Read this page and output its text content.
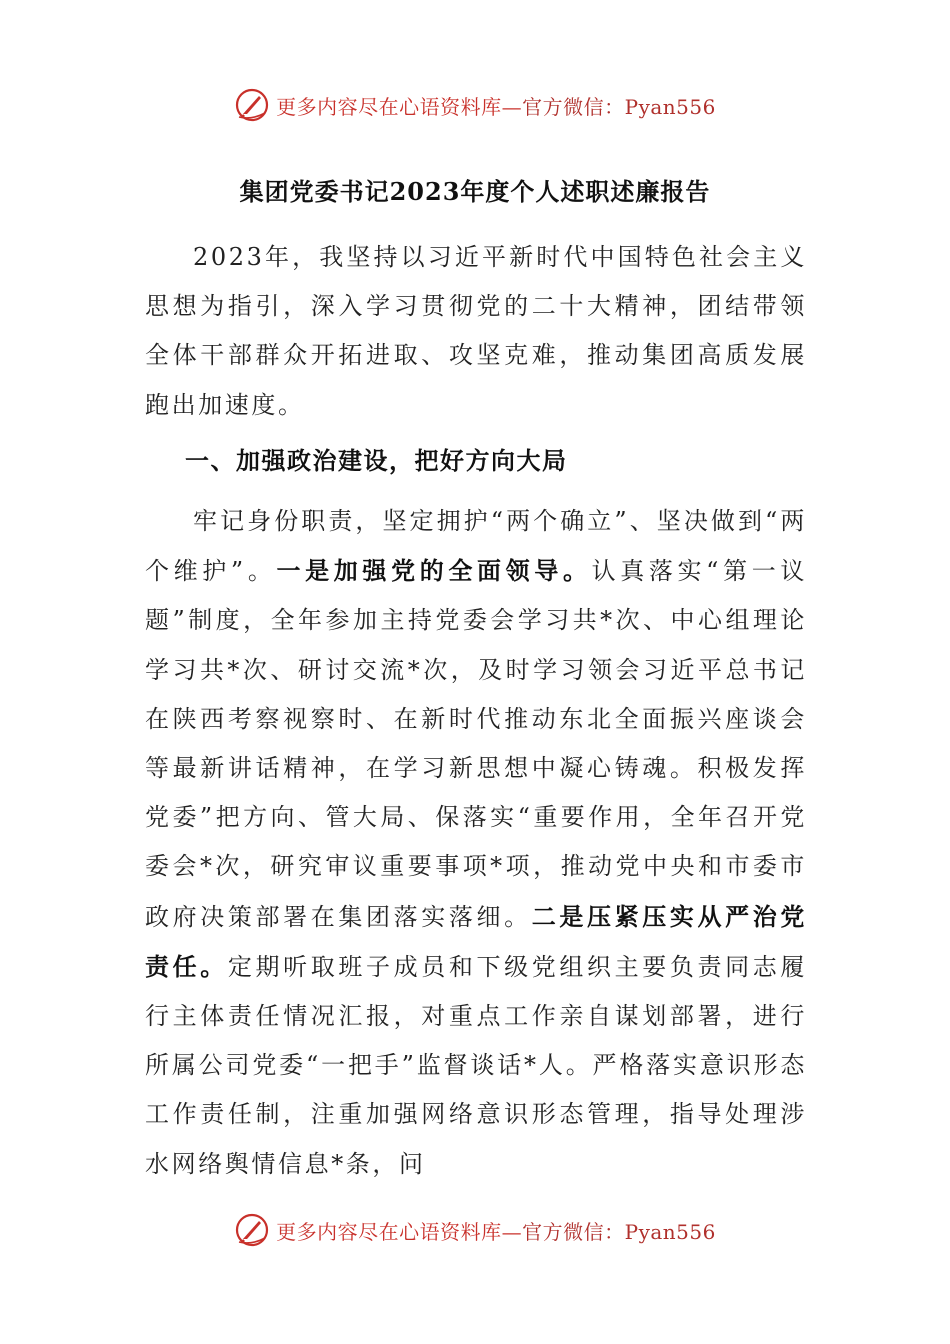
更多内容尽在心语资料库— 官方微信：Pyan556
集团党委书记2023年度个人述职述廉报告

2023年，我坚持以习近平新时代中国特色社会主义思想为指引，深入学习贯彻党的二十大精神，团结带领全体干部群众开拓进取、攻坚克难，推动集团高质发展跑出加速度。

一、加强政治建设，把好方向大局

牢记身份职责，坚定拥护“两个确立”、坚决做到“两个维护”。一是加强党的全面领导。认真落实“第一议题”制度，全年参加主持党委会学习共*次、中心组理论学习共*次、研讨交流*次，及时学习领会习近平总书记在陕西考察视察时、在新时代推动东北全面振兴座谈会等最新讲话精神，在学习新思想中凝心铸魂。积极发挥党委”把方向、管大局、保落实“重要作用，全年召开党委会*次，研究审议重要事项*项，推动党中央和市委市政府决策部署在集团落实落细。二是压紧压实从严治党责任。定期听取班子成员和下级党组织主要负责同志履行主体责任情况汇报，对重点工作亲自谋划部署，进行所属公司党委“一把手”监督谈话*人。严格落实意识形态工作责任制，注重加强网络意识形态管理，指导处理涉水网络舆情信息*条，问

更多内容尽在心语资料库— 官方微信：Pyan556
